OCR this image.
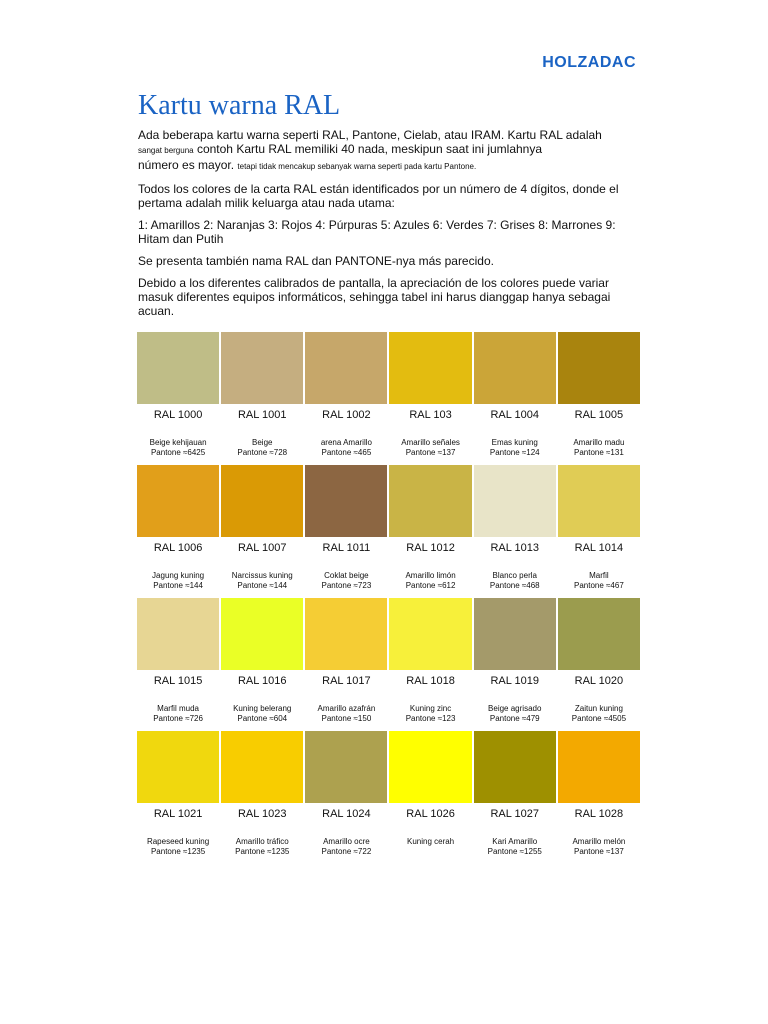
HOLZADAC
Kartu warna RAL

Ada beberapa kartu warna seperti RAL, Pantone, Cielab, atau IRAM. Kartu RAL adalah
sangat berguna contoh Kartu RAL memiliki 40 nada, meskipun saat ini jumlahnya
número es mayor. tetapi tidak mencakup sebanyak warna seperti pada kartu Pantone.

Todos los colores de la carta RAL están identificados por un número de 4 dígitos, donde el pertama adalah milik keluarga atau nada utama:

1: Amarillos 2: Naranjas 3: Rojos 4: Púrpuras 5: Azules 6: Verdes 7: Grises 8: Marrones 9: Hitam dan Putih

Se presenta también nama RAL dan PANTONE-nya más parecido.

Debido a los diferentes calibrados de pantalla, la apreciación de los colores puede variar masuk diferentes equipos informáticos, sehingga tabel ini harus dianggap hanya sebagai acuan.

RAL 1000
Beige kehijauan
Pantone ≈6425
RAL 1001
Beige
Pantone ≈728
RAL 1002
arena Amarillo
Pantone ≈465
RAL 103
Amarillo señales
Pantone ≈137
RAL 1004
Emas kuning
Pantone ≈124
RAL 1005
Amarillo madu
Pantone ≈131
RAL 1006
Jagung kuning
Pantone ≈144
RAL 1007
Narcissus kuning
Pantone ≈144
RAL 1011
Coklat beige
Pantone ≈723
RAL 1012
Amarillo limón
Pantone ≈612
RAL 1013
Blanco perla
Pantone ≈468
RAL 1014
Marfil
Pantone ≈467
RAL 1015
Marfil muda
Pantone ≈726
RAL 1016
Kuning belerang
Pantone ≈604
RAL 1017
Amarillo azafrán
Pantone ≈150
RAL 1018
Kuning zinc
Pantone ≈123
RAL 1019
Beige agrisado
Pantone ≈479
RAL 1020
Zaitun kuning
Pantone ≈4505
RAL 1021
Rapeseed kuning
Pantone ≈1235
RAL 1023
Amarillo tráfico
Pantone ≈1235
RAL 1024
Amarillo ocre
Pantone ≈722
RAL 1026
Kuning cerah
RAL 1027
Kari Amarillo
Pantone ≈1255
RAL 1028
Amarillo melón
Pantone ≈137
